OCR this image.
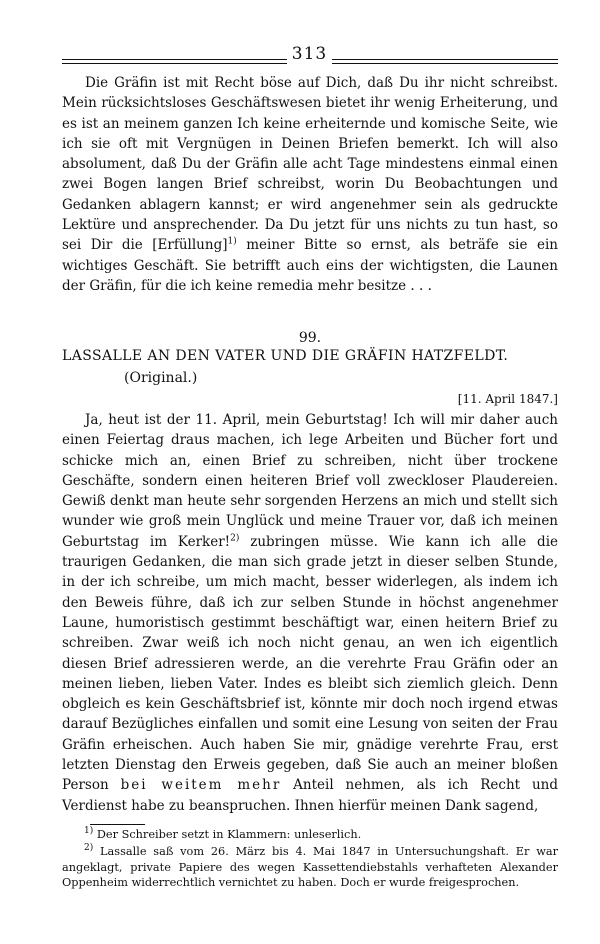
313
Die Gräfin ist mit Recht böse auf Dich, daß Du ihr nicht schreibst. Mein rücksichtsloses Geschäftswesen bietet ihr wenig Erheiterung, und es ist an meinem ganzen Ich keine erheiternde und komische Seite, wie ich sie oft mit Vergnügen in Deinen Briefen bemerkt. Ich will also absolument, daß Du der Gräfin alle acht Tage mindestens einmal einen zwei Bogen langen Brief schreibst, worin Du Beobachtungen und Gedanken ablagern kannst; er wird angenehmer sein als gedruckte Lektüre und ansprechender. Da Du jetzt für uns nichts zu tun hast, so sei Dir die [Erfüllung]$^{1)}$ meiner Bitte so ernst, als beträfe sie ein wichtiges Geschäft. Sie betrifft auch eins der wichtigsten, die Launen der Gräfin, für die ich keine remedia mehr besitze . . .
99.
LASSALLE AN DEN VATER UND DIE GRÄFIN HATZFELDT.
(Original.)
[11. April 1847.]
Ja, heut ist der 11. April, mein Geburtstag! Ich will mir daher auch einen Feiertag draus machen, ich lege Arbeiten und Bücher fort und schicke mich an, einen Brief zu schreiben, nicht über trockene Geschäfte, sondern einen heiteren Brief voll zweckloser Plaudereien. Gewiß denkt man heute sehr sorgenden Herzens an mich und stellt sich wunder wie groß mein Unglück und meine Trauer vor, daß ich meinen Geburtstag im Kerker!$^{2)}$ zubringen müsse. Wie kann ich alle die traurigen Gedanken, die man sich grade jetzt in dieser selben Stunde, in der ich schreibe, um mich macht, besser widerlegen, als indem ich den Beweis führe, daß ich zur selben Stunde in höchst angenehmer Laune, humoristisch gestimmt beschäftigt war, einen heitern Brief zu schreiben. Zwar weiß ich noch nicht genau, an wen ich eigentlich diesen Brief adressieren werde, an die verehrte Frau Gräfin oder an meinen lieben, lieben Vater. Indes es bleibt sich ziemlich gleich. Denn obgleich es kein Geschäftsbrief ist, könnte mir doch noch irgend etwas darauf Bezügliches einfallen und somit eine Lesung von seiten der Frau Gräfin erheischen. Auch haben Sie mir, gnädige verehrte Frau, erst letzten Dienstag den Erweis gegeben, daß Sie auch an meiner bloßen Person bei weitem mehr Anteil nehmen, als ich Recht und Verdienst habe zu beanspruchen. Ihnen hierfür meinen Dank sagend,
$^{1)}$ Der Schreiber setzt in Klammern: unleserlich.
$^{2)}$ Lassalle saß vom 26. März bis 4. Mai 1847 in Untersuchungshaft. Er war angeklagt, private Papiere des wegen Kassettendiebstahls verhafteten Alexander Oppenheim widerrechtlich vernichtet zu haben. Doch er wurde freigesprochen.
